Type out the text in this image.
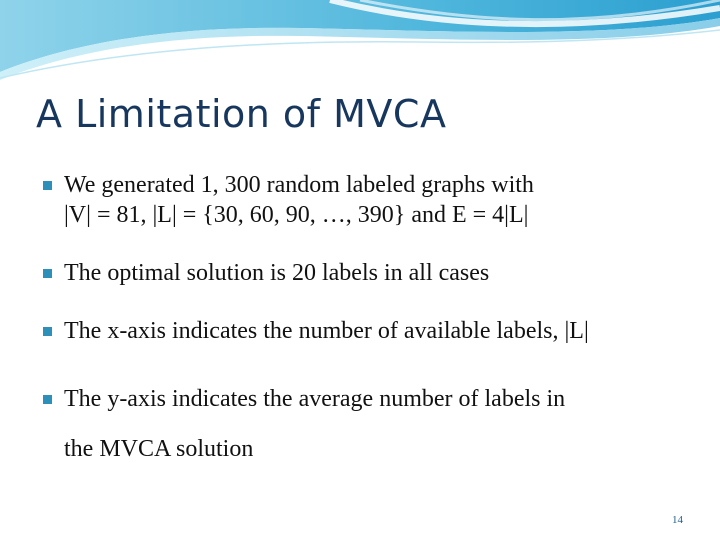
A Limitation of MVCA
We generated 1, 300 random labeled graphs with
|V| = 81, |L| = {30, 60, 90, …, 390} and E = 4|L|
The optimal solution is 20 labels in all cases
The x-axis indicates the number of available labels, |L|
The y-axis indicates the average number of labels in
the MVCA solution
14
